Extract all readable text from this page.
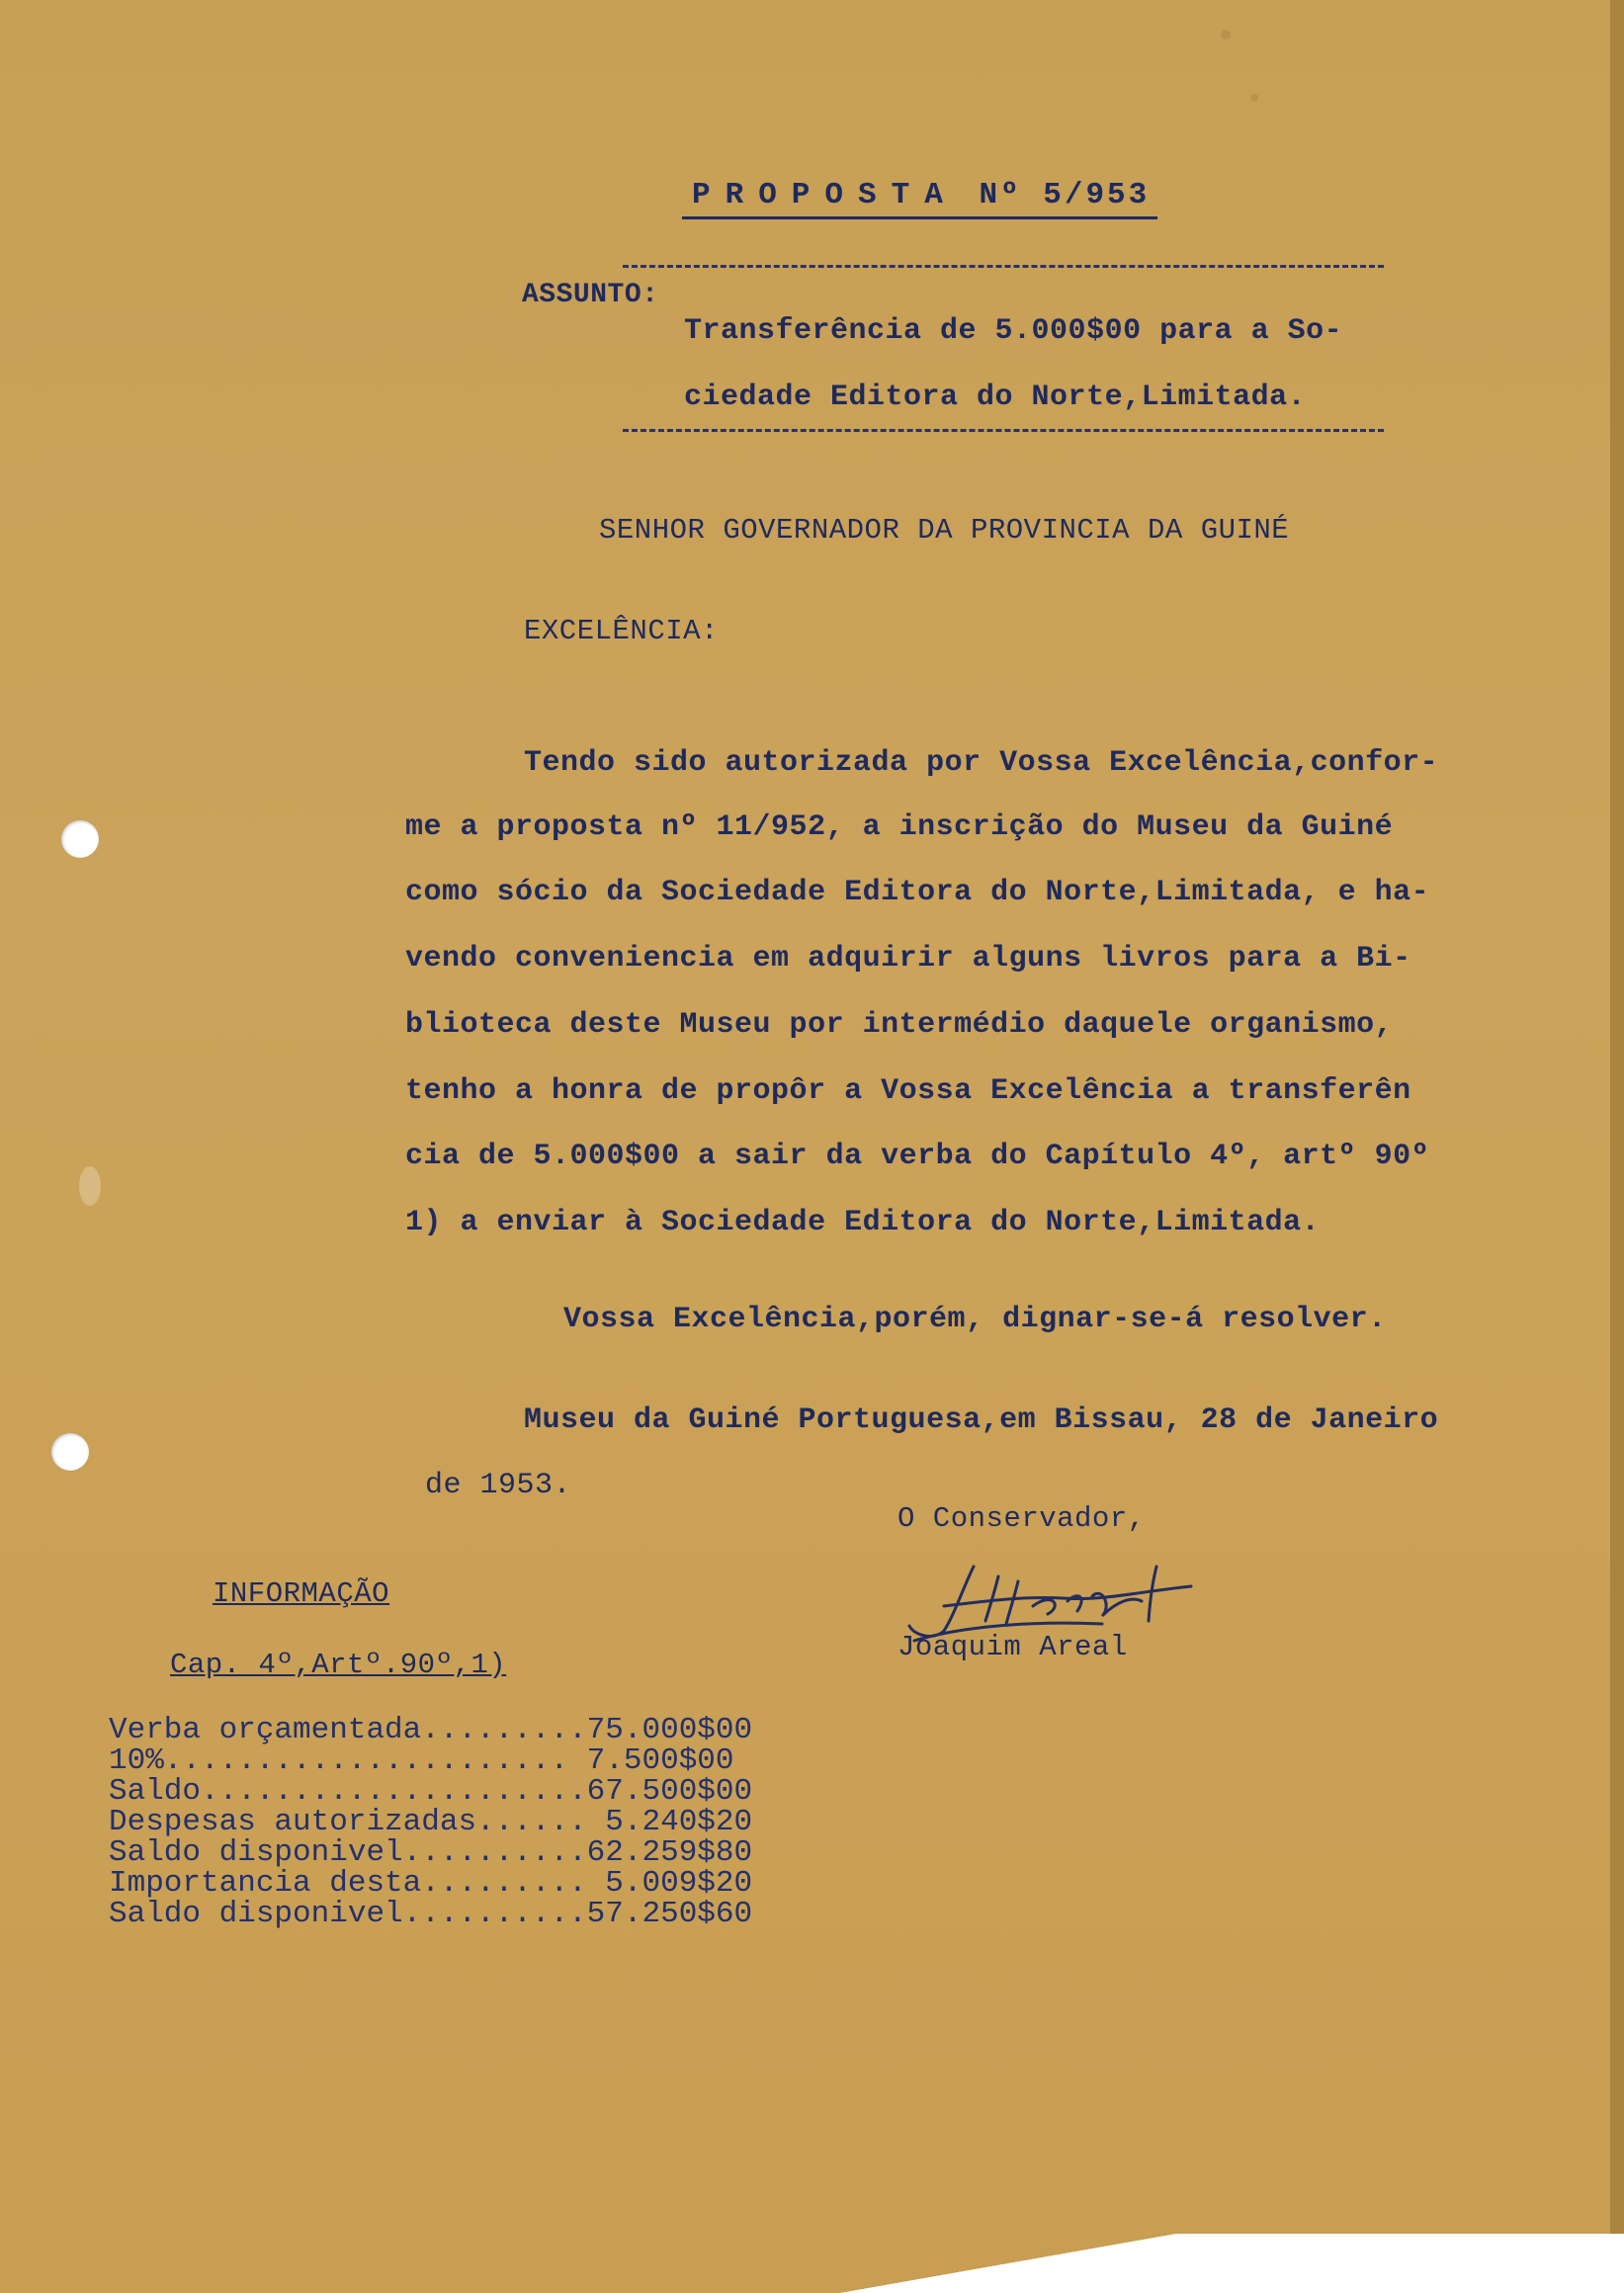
PROPOSTA Nº 5/953
ASSUNTO:
Transferência de 5.000$00 para a So-
ciedade Editora do Norte,Limitada.
SENHOR GOVERNADOR DA PROVINCIA DA GUINÉ
EXCELÊNCIA:
Tendo sido autorizada por Vossa Excelência,confor-
me a proposta nº 11/952, a inscrição do Museu da Guiné
como sócio da Sociedade Editora do Norte,Limitada, e ha-
vendo conveniencia em adquirir alguns livros para a Bi-
blioteca deste Museu por intermédio daquele organismo,
tenho a honra de propôr a Vossa Excelência a transferên
cia de 5.000$00 a sair da verba do Capítulo 4º, artº 90º
1) a enviar à Sociedade Editora do Norte,Limitada.
Vossa Excelência,porém, dignar-se-á resolver.
Museu da Guiné Portuguesa,em Bissau, 28 de Janeiro
de 1953.
O Conservador,
Joaquim Areal
INFORMAÇÃO
Cap. 4º,Artº.90º,1)
Verba orçamentada.........75.000$00
10%...................... 7.500$00
Saldo.....................67.500$00
Despesas autorizadas...... 5.240$20
Saldo disponivel..........62.259$80
Importancia desta......... 5.009$20
Saldo disponivel..........57.250$60
